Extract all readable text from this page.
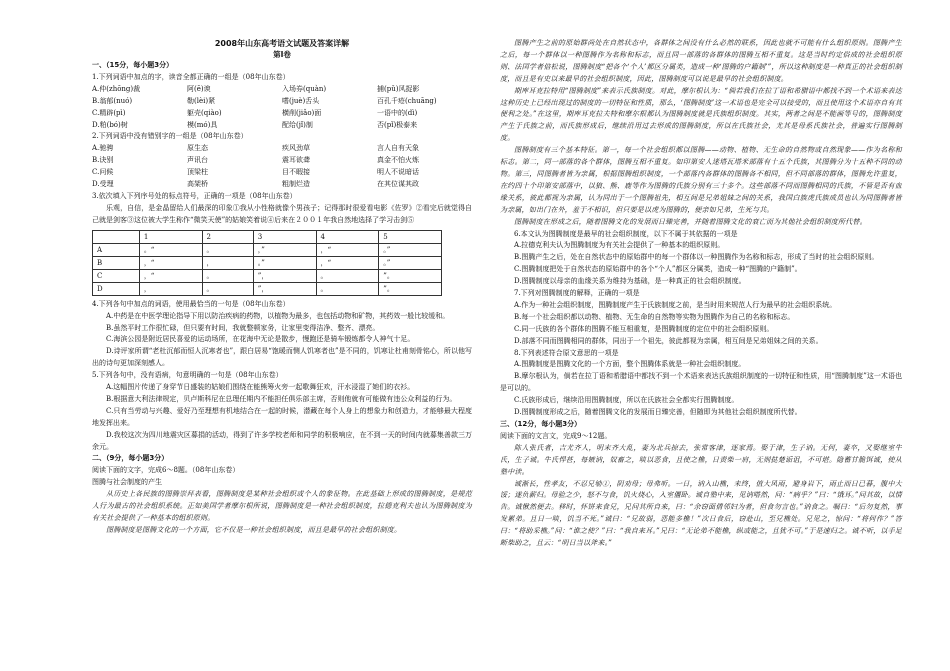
2008年山东高考语文试题及答案详解
第Ⅰ卷
一、（15分，每小题3分）
1.下列词语中加点的字，读音全都正确的一组是（08年山东卷）
A.仲(zhōng)裁	阿(ē)谀	入场券(quàn)	捕(pǔ)风捉影
B.翁郁(nuó)	勒(lèi)紧	嗜(juè)舌头	百孔千疮(chuāng)
C.精辟(pì)	躯壳(qiào)	横削(jiǎo)面	一语中的(dì)
D.粕(bó)树	模(mó)具	配给(jǐ)制	否(pǐ)极泰来
2.下列词语中没有错别字的一组是（08年山东卷）
A.驰骋	原生态	疾风劲草	言人自有天象
B.诀别	声讯台	震耳欲聋	真金不怕火炼
C.问候	顶梁柱	目不暇接	明人不说暗话
D.受理	高架桥	粗制烂造	在其位谋其政
3.依次填入下列序号处的标点符号，正确的一项是（08年山东卷）
乐观，自信，是金晶留给人们最深的印象①我从小性格就像个男孩子；记得那时很爱看电影《佐罗》②看完后就觉得自己就是剑客③这位被大学生称作“微笑天使”的姑娘笑着说④后来在２００１年我自然地选择了学习击剑⑤
	1	2	3	4	5
A	。“	。	，”	，“	。”
B	，“	，	。”	，“	。”
C	，“	。	”，	。	”。
D	，	。	”，	。	”。
4.下列各句中加点的词语，使用最恰当的一句是（08年山东卷）
A.中药是在中医学理论指导下用以防治疾病的药物，以植物为最多，也包括动物和矿物，其药效一般比较缓和。
B.虽然平时工作很忙碌，但只要有时间，我就整顿家务，让家里变得洁净、整齐、漂亮。
C.海滨公园是附近居民喜爱的运动场所，在花海中无论是散步，慢跑还是骑车锻炼都令人神气十足。
D.诗评家所谓“老杜沉郁而恒人沉寒者也”，跟白居易“饱暖而恻人饥寒者也”是不同的，饥寒让杜甫刻骨铭心，所以他写出的诗句更加深刻感人。
5.下列各句中，没有语病，句意明确的一句是（08年山东卷）
A.这幅图片传递了身穿节日盛装的姑娘们围绕在能熊筹火旁一起歌舞狂欢，汗水浸湿了她们的衣衫。
B.根据意大利法律规定，贝卢斯科尼在总理任期内不能担任俱乐部主席，否则他就有可能做有违公众利益的行为。
C.只有当劳动与兴趣、爱好乃至理想有机地结合在一起的时候，潜藏在每个人身上的想象力和创造力，才能够最大程度地发挥出来。
D.我校这次为四川地震灾区募捐的活动，得到了许多学校老师和同学的积极响应，在不到一天的时间内就募集善款三万余元。
二、（9分，每小题3分）
阅读下面的文字，完成6～8题。（08年山东卷）
图腾与社会制度的产生
从历史上各民族的图腾崇拜表看，图腾制度是某种社会组织或个人的象征物。在此基础上形成的图腾制度，是规范人行为最古的社会组织系统。正如美国学者摩尔根所说，图腾制度是一种社会组织制度，拉德克利夫也认为图腾制度为有关社会提供了一种基本的组织原则。
图腾制度是图腾文化的一个方面，它不仅是一种社会组织制度，而且是最早的社会组织制度。
图腾产生之前的原始群尚处在自然状态中，各群体之间没有什么必然的联系，因此也就不可能有什么组织原则。图腾产生之后，每一个群体以一种图腾作为名称和标志，而且同一部落的各群体的图腾互相不重复。这是当时约定俗成的社会组织原则、法国学者倍松说，图腾制度“把各个‘个人’都区分属类，造成一种‘图腾的户籍制’”，所以这种制度是一种真正的社会组织制度，而且是有史以来最早的社会组织制度，因此，图腾制度可以说是最早的社会组织制度。
期库耳克拉特用“图腾制度”来表示氏族制度。对此，摩尔根认为：“倘若我们在拉丁语和希腊语中都找不到一个术语来表达这种历史上已经出现过的制度的一切特征和性质，那么，‘图腾制度’这一术语也是完全可以接受的，而且使用这个术语亦自有其便利之处。”在这里，期库耳克拉夫特和摩尔根都认为图腾制度就是氏族组织制度。其实，两者之间是不能画等号的，图腾制度产生于氏族之前，而氏族形成后，继续沿用过去形成的图腾制度，所以在氏族社会，尤其是母系氏族社会，普遍实行图腾制度。
图腾制度有三个基本特征。第一，每一个社会组织都以图腾——动物、植物、无生命的自然物或自然现象——作为名称和标志。第二，同一部落的各个群体，图腾互相不重复。如印第安人迷塔瓦塔米部落有十五个氏族，其图腾分为十五种不同的动物。第三，同图腾者皆为亲属，根据图腾组织制度，一个部落内各群体的图腾各不相同，但不同部落的群体，图腾允许重复，在约四十个印第安部落中，以狼、熊、鹿等作为图腾的氏族分别有三十多个。这些部落不同而图腾相同的氏族，不管是否有血缘关系，彼此都视为亲属，认为同出于一个图腾祖先，相互间是兄弟姐妹之间的关系，我国白族虎氏族成员也认为同图腾者皆为亲属，如出门在外，羞于不相识，但只要是以虎为图腾的，便亲如兄弟，生死与共。
图腾制度在形成之后，随着图腾文化的发展而日臻完善，并随着图腾文化的衰亡而为其他社会组织制度所代替。
6.本文认为图腾制度是最早的社会组织制度，以下不属于其依据的一项是
A.拉德克利夫认为图腾制度为有关社会提供了一种基本的组织原则。
B.图腾产生之后，处在自然状态中的原始群中的每一个群体以一种图腾作为名称和标志，形成了当时的社会组织原则。
C.图腾制度把处于自然状态的原始群中的各个“个人”都区分属类，造成一种“图腾的户籍制”。
D.图腾制度以母亲的血缘关系为维持为基础，是一种真正的社会组织制度。
7.下列对图腾制度的解释，正确的一项是
A.作为一种社会组织制度，图腾制度产生于氏族制度之前，是当时用来规范人行为最早的社会组织系统。
B.每一个社会组织都以动物、植物、无生命的自然物等实物为图腾作为自己的名称和标志。
C.同一氏族的各个群体的图腾不能互相重复，是图腾制度的定位中的社会组织原则。
D.部落不同而图腾相同的群体，同出于一个祖先，彼此都视为亲属，相互间是兄弟姐妹之间的关系。
8.下列表述符合原文意思的一项是
A.图腾制度是图腾文化的一个方面，整个图腾体系就是一种社会组织制度。
B.摩尔根认为，倘若在拉丁语和希腊语中都找不到一个术语来表达氏族组织制度的一切特征和性质，用“图腾制度”这一术语也是可以的。
C.氏族形成后，继续沿用图腾制度，所以在氏族社会全都实行图腾制度。
D.图腾制度形成之后，随着图腾文化的发展而日臻完善，但随即为其他社会组织制度所代替。
三、（12分，每小题3分）
阅读下面的文言文，完成9～12题。
陈人张氏者，吉尤齐人，明末齐大乱，妻为北兵掠去，张常客津，逐家焉。娶于津，生子讷。无何，妻卒，又娶继室牛氏，生子诚。牛氏悍甚，每嫉讷，奴畜之，啖以恶食，且使之樵，日责柴一肩，无则挞楚诟诅，不可堪。隐蓄甘脆饵诚，使从塾中读。
诚渐长，性孝友，不忍兄劬①，阴劝母；母弗听。一日，讷入山樵，未终，值大风雨，避身岩下，雨止而日已暮，腹中大馁；遂负薪归。母验之少，怒不与食，饥火烧心，入室僵卧。诚自塾中来，见讷嗒然，问：“病乎？”曰：“饿耳。”问其故，以情告。诚愀然便去。移时，怀饼来食兄，兄问其所自来，曰：“余窃面倩邻妇为者，但食勿言也。”讷食之。嘱曰：“后勿复然，事发累弟。且日一啖，饥当不死。”诚曰：“兄故弱，恶能多樵！”次日食后，窃赴山，至兄樵处。兄见之，惊问：“将何作？”答曰：“将助采樵。”问：“谁之使？”曰：“我自来耳。”兄曰：“无论弟不能樵，纵或能之，且犹不可。”于是速归之。诚不听，以手足断柴助之，且云：“明日当以斧来。”
